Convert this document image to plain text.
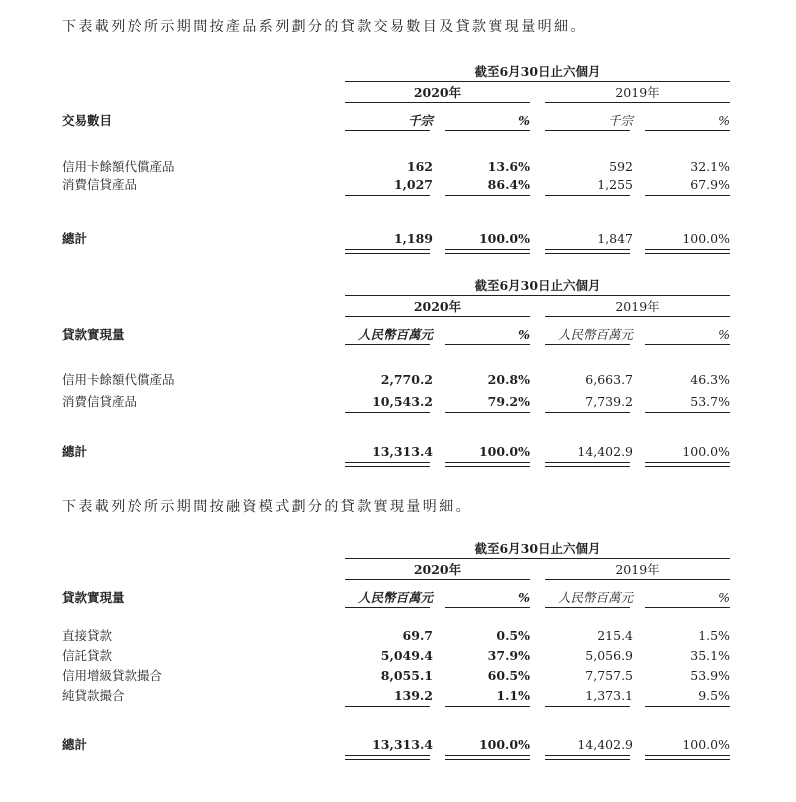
下表載列於所示期間按產品系列劃分的貸款交易數目及貸款實現量明細。
下表載列於所示期間按融資模式劃分的貸款實現量明細。
截至6月30日止六個月
2020年	2019年
交易數目	千宗	%	千宗	%
信用卡餘額代償產品	162	13.6%	592	32.1%
消費信貸產品	1,027	86.4%	1,255	67.9%
總計	1,189	100.0%	1,847	100.0%
截至6月30日止六個月
2020年	2019年
貸款實現量	人民幣百萬元	%	人民幣百萬元	%
信用卡餘額代償產品	2,770.2	20.8%	6,663.7	46.3%
消費信貸產品	10,543.2	79.2%	7,739.2	53.7%
總計	13,313.4	100.0%	14,402.9	100.0%
截至6月30日止六個月
2020年	2019年
貸款實現量	人民幣百萬元	%	人民幣百萬元	%
直接貸款	69.7	0.5%	215.4	1.5%
信託貸款	5,049.4	37.9%	5,056.9	35.1%
信用增級貸款撮合	8,055.1	60.5%	7,757.5	53.9%
純貸款撮合	139.2	1.1%	1,373.1	9.5%
總計	13,313.4	100.0%	14,402.9	100.0%
